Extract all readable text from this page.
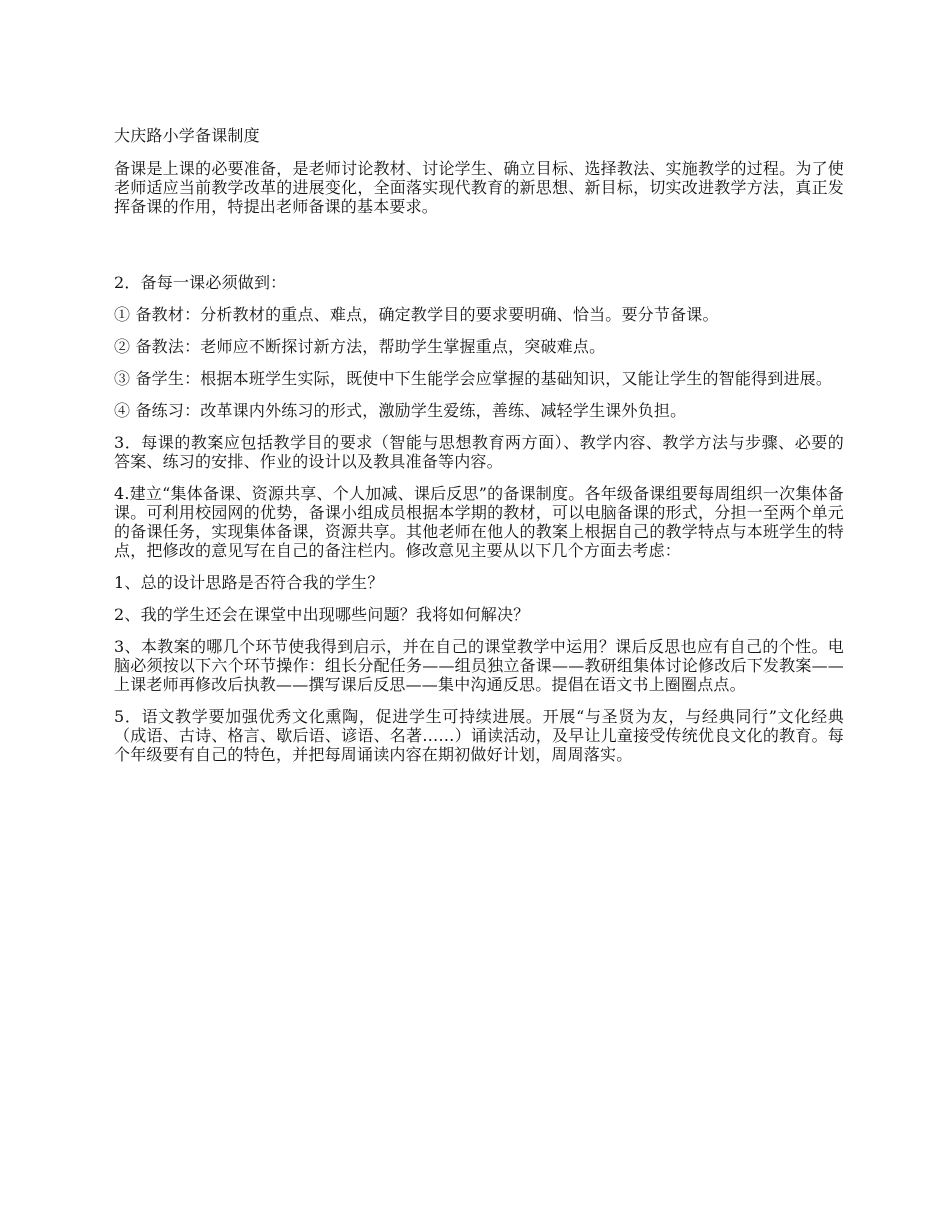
大庆路小学备课制度

备课是上课的必要准备，是老师讨论教材、讨论学生、确立目标、选择教法、实施教学的过程。为了使老师适应当前教学改革的进展变化，全面落实现代教育的新思想、新目标，切实改进教学方法，真正发挥备课的作用，特提出老师备课的基本要求。

2．备每一课必须做到：

① 备教材：分析教材的重点、难点，确定教学目的要求要明确、恰当。要分节备课。

② 备教法：老师应不断探讨新方法，帮助学生掌握重点，突破难点。

③ 备学生：根据本班学生实际，既使中下生能学会应掌握的基础知识，又能让学生的智能得到进展。

④ 备练习：改革课内外练习的形式，激励学生爱练，善练、减轻学生课外负担。

3．每课的教案应包括教学目的要求（智能与思想教育两方面）、教学内容、教学方法与步骤、必要的答案、练习的安排、作业的设计以及教具准备等内容。

4.建立“集体备课、资源共享、个人加减、课后反思”的备课制度。各年级备课组要每周组织一次集体备课。可利用校园网的优势，备课小组成员根据本学期的教材，可以电脑备课的形式，分担一至两个单元的备课任务，实现集体备课，资源共享。其他老师在他人的教案上根据自己的教学特点与本班学生的特点，把修改的意见写在自己的备注栏内。修改意见主要从以下几个方面去考虑：

1、总的设计思路是否符合我的学生？

2、我的学生还会在课堂中出现哪些问题？我将如何解决？

3、本教案的哪几个环节使我得到启示，并在自己的课堂教学中运用？课后反思也应有自己的个性。电脑必须按以下六个环节操作：组长分配任务——组员独立备课——教研组集体讨论修改后下发教案——上课老师再修改后执教——撰写课后反思——集中沟通反思。提倡在语文书上圈圈点点。

5．语文教学要加强优秀文化熏陶，促进学生可持续进展。开展“与圣贤为友，与经典同行”文化经典（成语、古诗、格言、歇后语、谚语、名著……）诵读活动，及早让儿童接受传统优良文化的教育。每个年级要有自己的特色，并把每周诵读内容在期初做好计划，周周落实。
